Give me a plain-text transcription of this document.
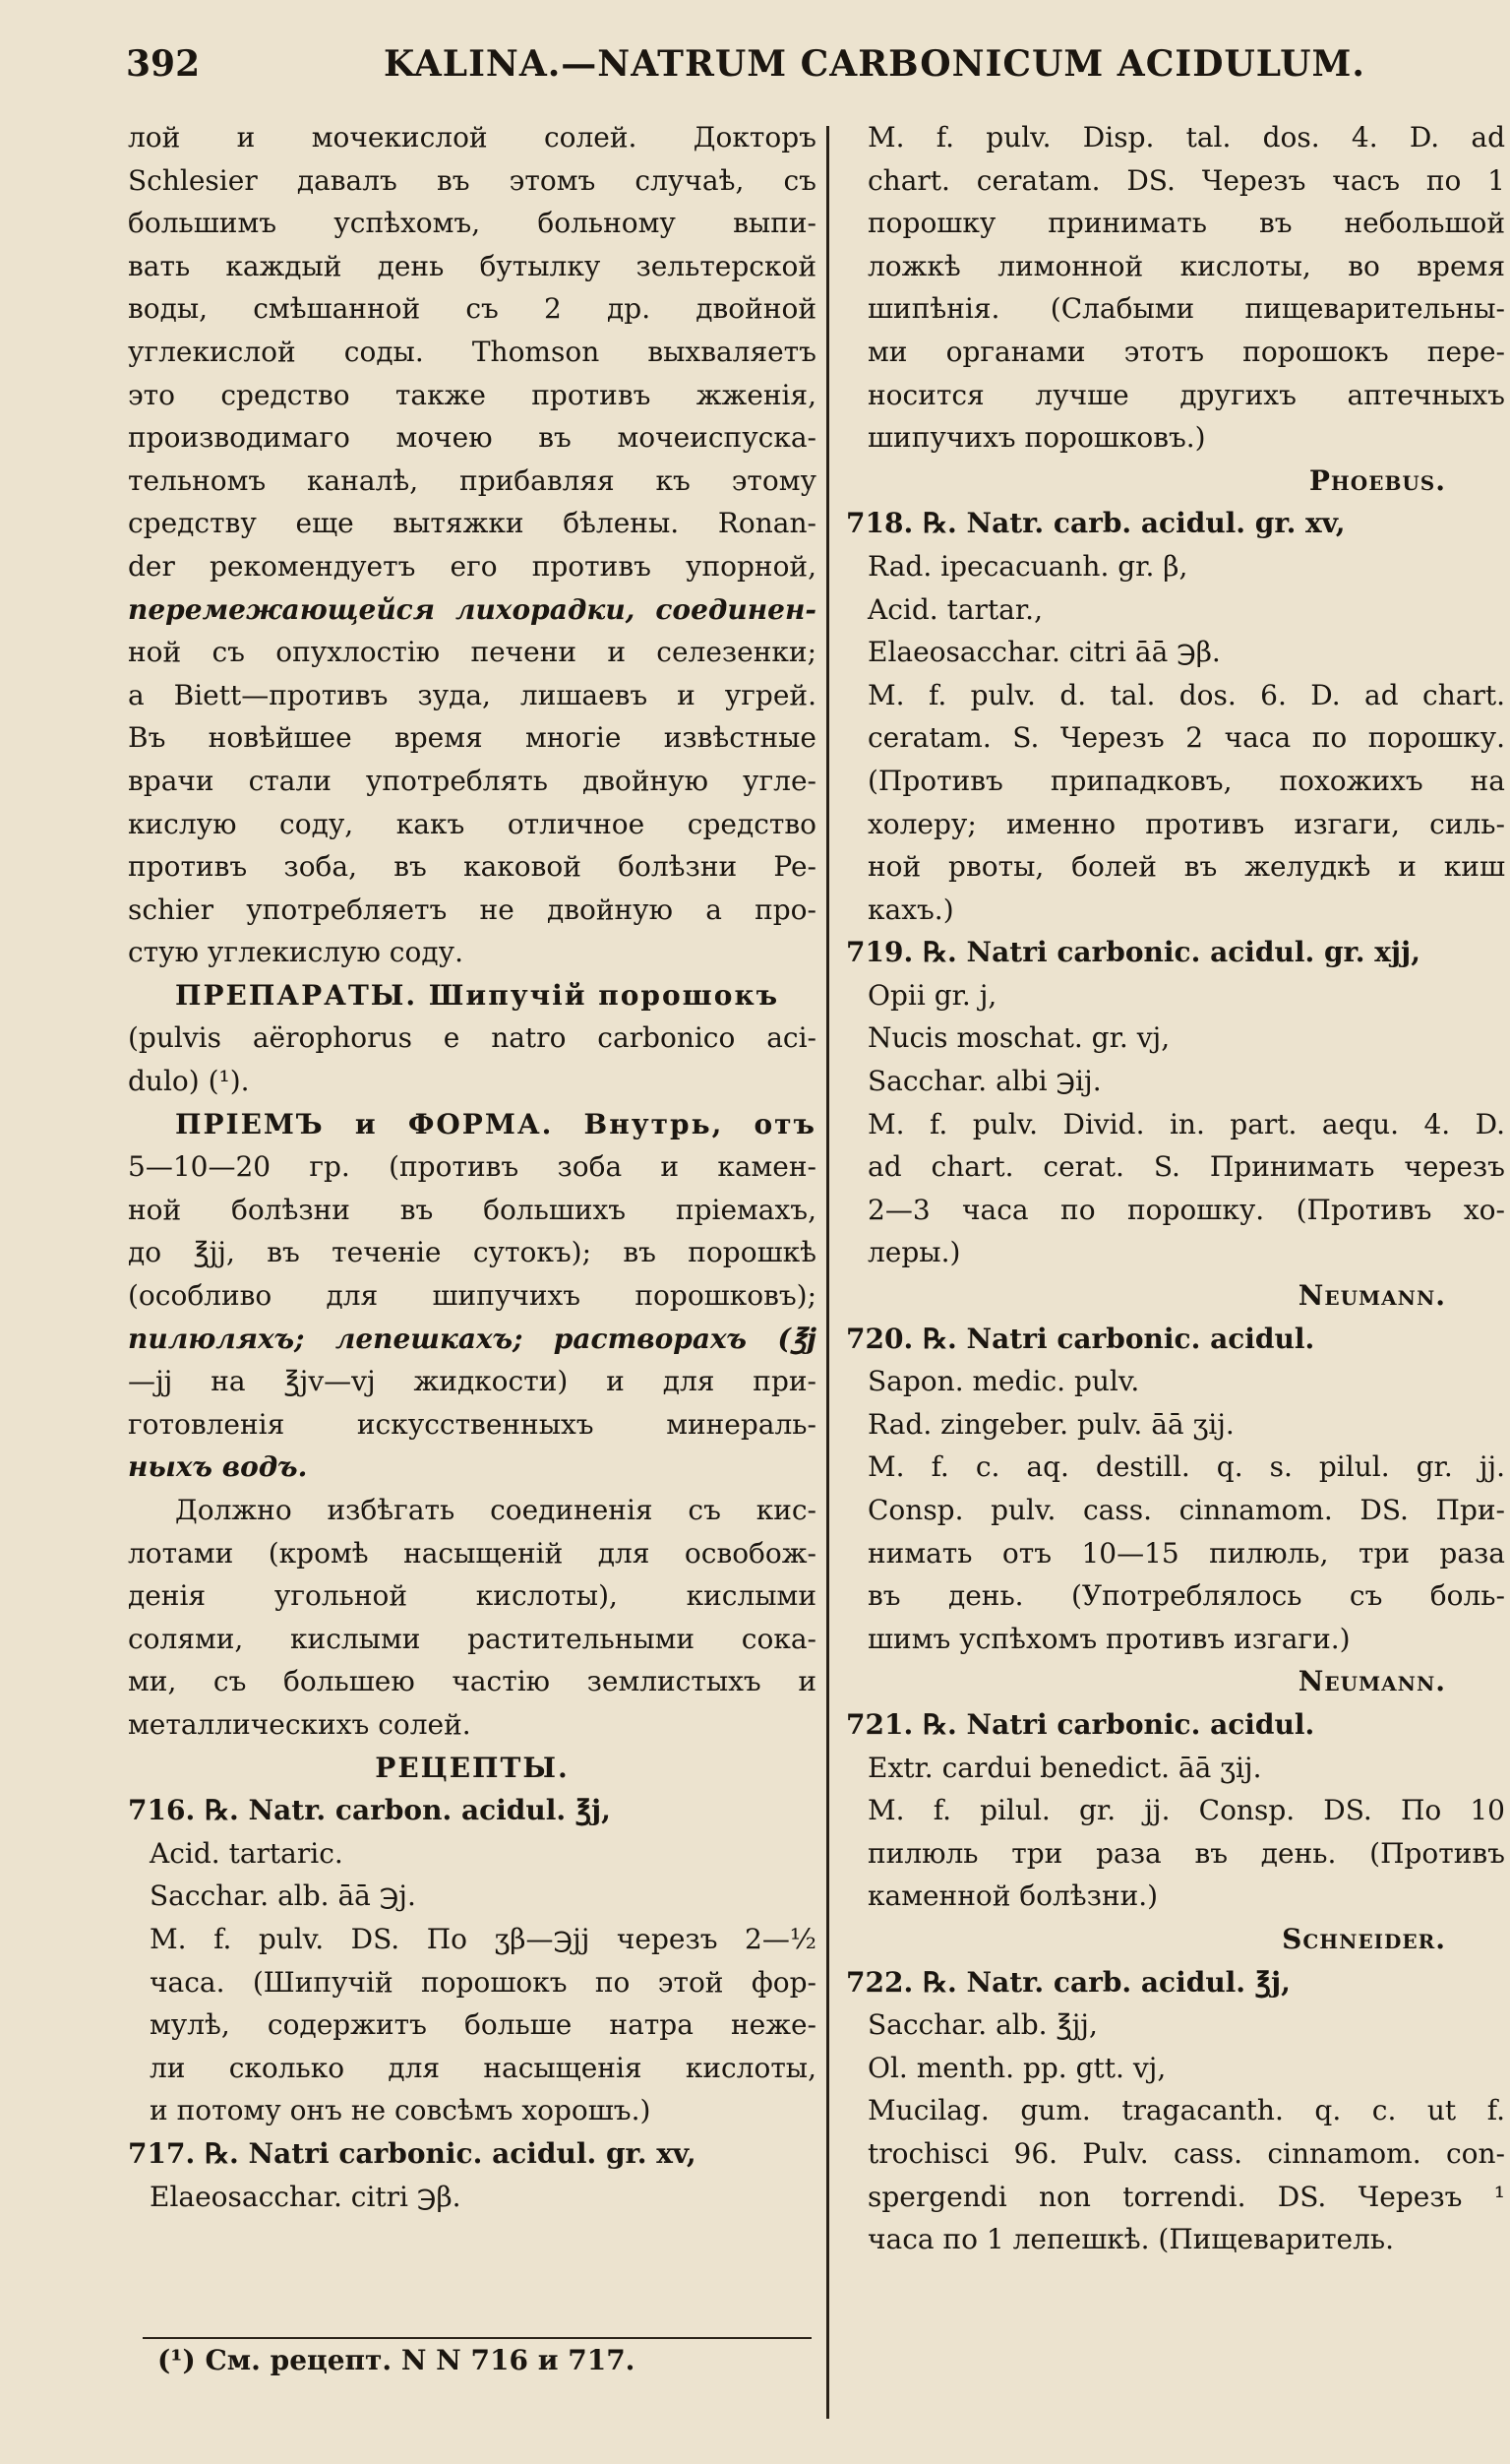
392	KALINA.—NATRUM CARBONICUM ACIDULUM.
лой и мочекислой солей. Докторъ
Schlesier давалъ въ этомъ случаѣ, съ
большимъ успѣхомъ, больному выпи-
вать каждый день бутылку зельтерской
воды, смѣшанной съ 2 др. двойной
углекислой соды. Thomson выхваляетъ
это средство также противъ жженія,
производимаго мочею въ мочеиспуска-
тельномъ каналѣ, прибавляя къ этому
средству еще вытяжки бѣлены. Ronan-
der рекомендуетъ его противъ упорной,
перемежающейся лихорадки, соединен-
ной съ опухлостію печени и селезенки;
а Biett—противъ зуда, лишаевъ и угрей.
Въ новѣйшее время многіе извѣстные
врачи стали употреблять двойную угле-
кислую соду, какъ отличное средство
противъ зоба, въ каковой болѣзни Pe-
schier употребляетъ не двойную а про-
стую углекислую соду.
ПРЕПАРАТЫ. Шипучій порошокъ
(pulvis aërophorus e natro carbonico aci-
dulo) (¹).
ПРІЕМЪ и ФОРМА. Внутрь, отъ
5—10—20 гр. (противъ зоба и камен-
ной болѣзни въ большихъ пріемахъ,
до ℥jj, въ теченіе сутокъ); въ порошкѣ
(особливо для шипучихъ порошковъ);
пилюляхъ; лепешкахъ; растворахъ (℥j
—jj на ℥jv—vj жидкости) и для при-
готовленія искусственныхъ минераль-
ныхъ водъ.
Должно избѣгать соединенія съ кис-
лотами (кромѣ насыщеній для освобож-
денія угольной кислоты), кислыми
солями, кислыми растительными сока-
ми, съ большею частію землистыхъ и
металлическихъ солей.
РЕЦЕПТЫ.
716. ℞. Natr. carbon. acidul. ℥j,
Acid. tartaric.
Sacchar. alb. āā ℈j.
M. f. pulv. DS. По ʒβ—℈jj черезъ 2—½
часа. (Шипучій порошокъ по этой фор-
мулѣ, содержитъ больше натра нежe-
ли сколько для насыщенія кислоты,
и потому онъ не совсѣмъ хорошъ.)
717. ℞. Natri carbonic. acidul. gr. xv,
Elaeosacchar. citri ℈β.
(¹) См. рецепт. N N 716 и 717.
M. f. pulv. Disp. tal. dos. 4. D. ad
chart. ceratam. DS. Черезъ часъ по 1
порошку принимать въ небольшой
ложкѣ лимонной кислоты, во время
шипѣнія. (Слабыми пищеварительны-
ми органами этотъ порошокъ пере-
носится лучше другихъ аптечныхъ
шипучихъ порошковъ.)
Phoebus.
718. ℞. Natr. carb. acidul. gr. xv,
Rad. ipecacuanh. gr. β,
Acid. tartar.,
Elaeosacchar. citri āā ℈β.
M. f. pulv. d. tal. dos. 6. D. ad chart.
ceratam. S. Черезъ 2 часа по порошку.
(Противъ припадковъ, похожихъ на
холеру; именно противъ изгаги, силь-
ной рвоты, болей въ желудкѣ и киш
кахъ.)
719. ℞. Natri carbonic. acidul. gr. xjj,
Opii gr. j,
Nucis moschat. gr. vj,
Sacchar. albi ℈ij.
M. f. pulv. Divid. in. part. aequ. 4. D.
ad chart. cerat. S. Принимать черезъ
2—3 часа по порошку. (Противъ хо-
леры.)
Neumann.
720. ℞. Natri carbonic. acidul.
Sapon. medic. pulv.
Rad. zingeber. pulv. āā ʒij.
M. f. c. aq. destill. q. s. pilul. gr. jj.
Consp. pulv. cass. cinnamom. DS. При-
нимать отъ 10—15 пилюль, три раза
въ день. (Употреблялось съ боль-
шимъ успѣхомъ противъ изгаги.)
Neumann.
721. ℞. Natri carbonic. acidul.
Extr. cardui benedict. āā ʒij.
M. f. pilul. gr. jj. Consp. DS. По 10
пилюль три раза въ день. (Противъ
каменной болѣзни.)
Schneider.
722. ℞. Natr. carb. acidul. ℥j,
Sacchar. alb. ℥jj,
Ol. menth. pp. gtt. vj,
Mucilag. gum. tragacanth. q. c. ut f.
trochisci 96. Pulv. cass. cinnamom. con-
spergendi non torrendi. DS. Черезъ ¹
часа по 1 лепешкѣ. (Пищеваритель.
